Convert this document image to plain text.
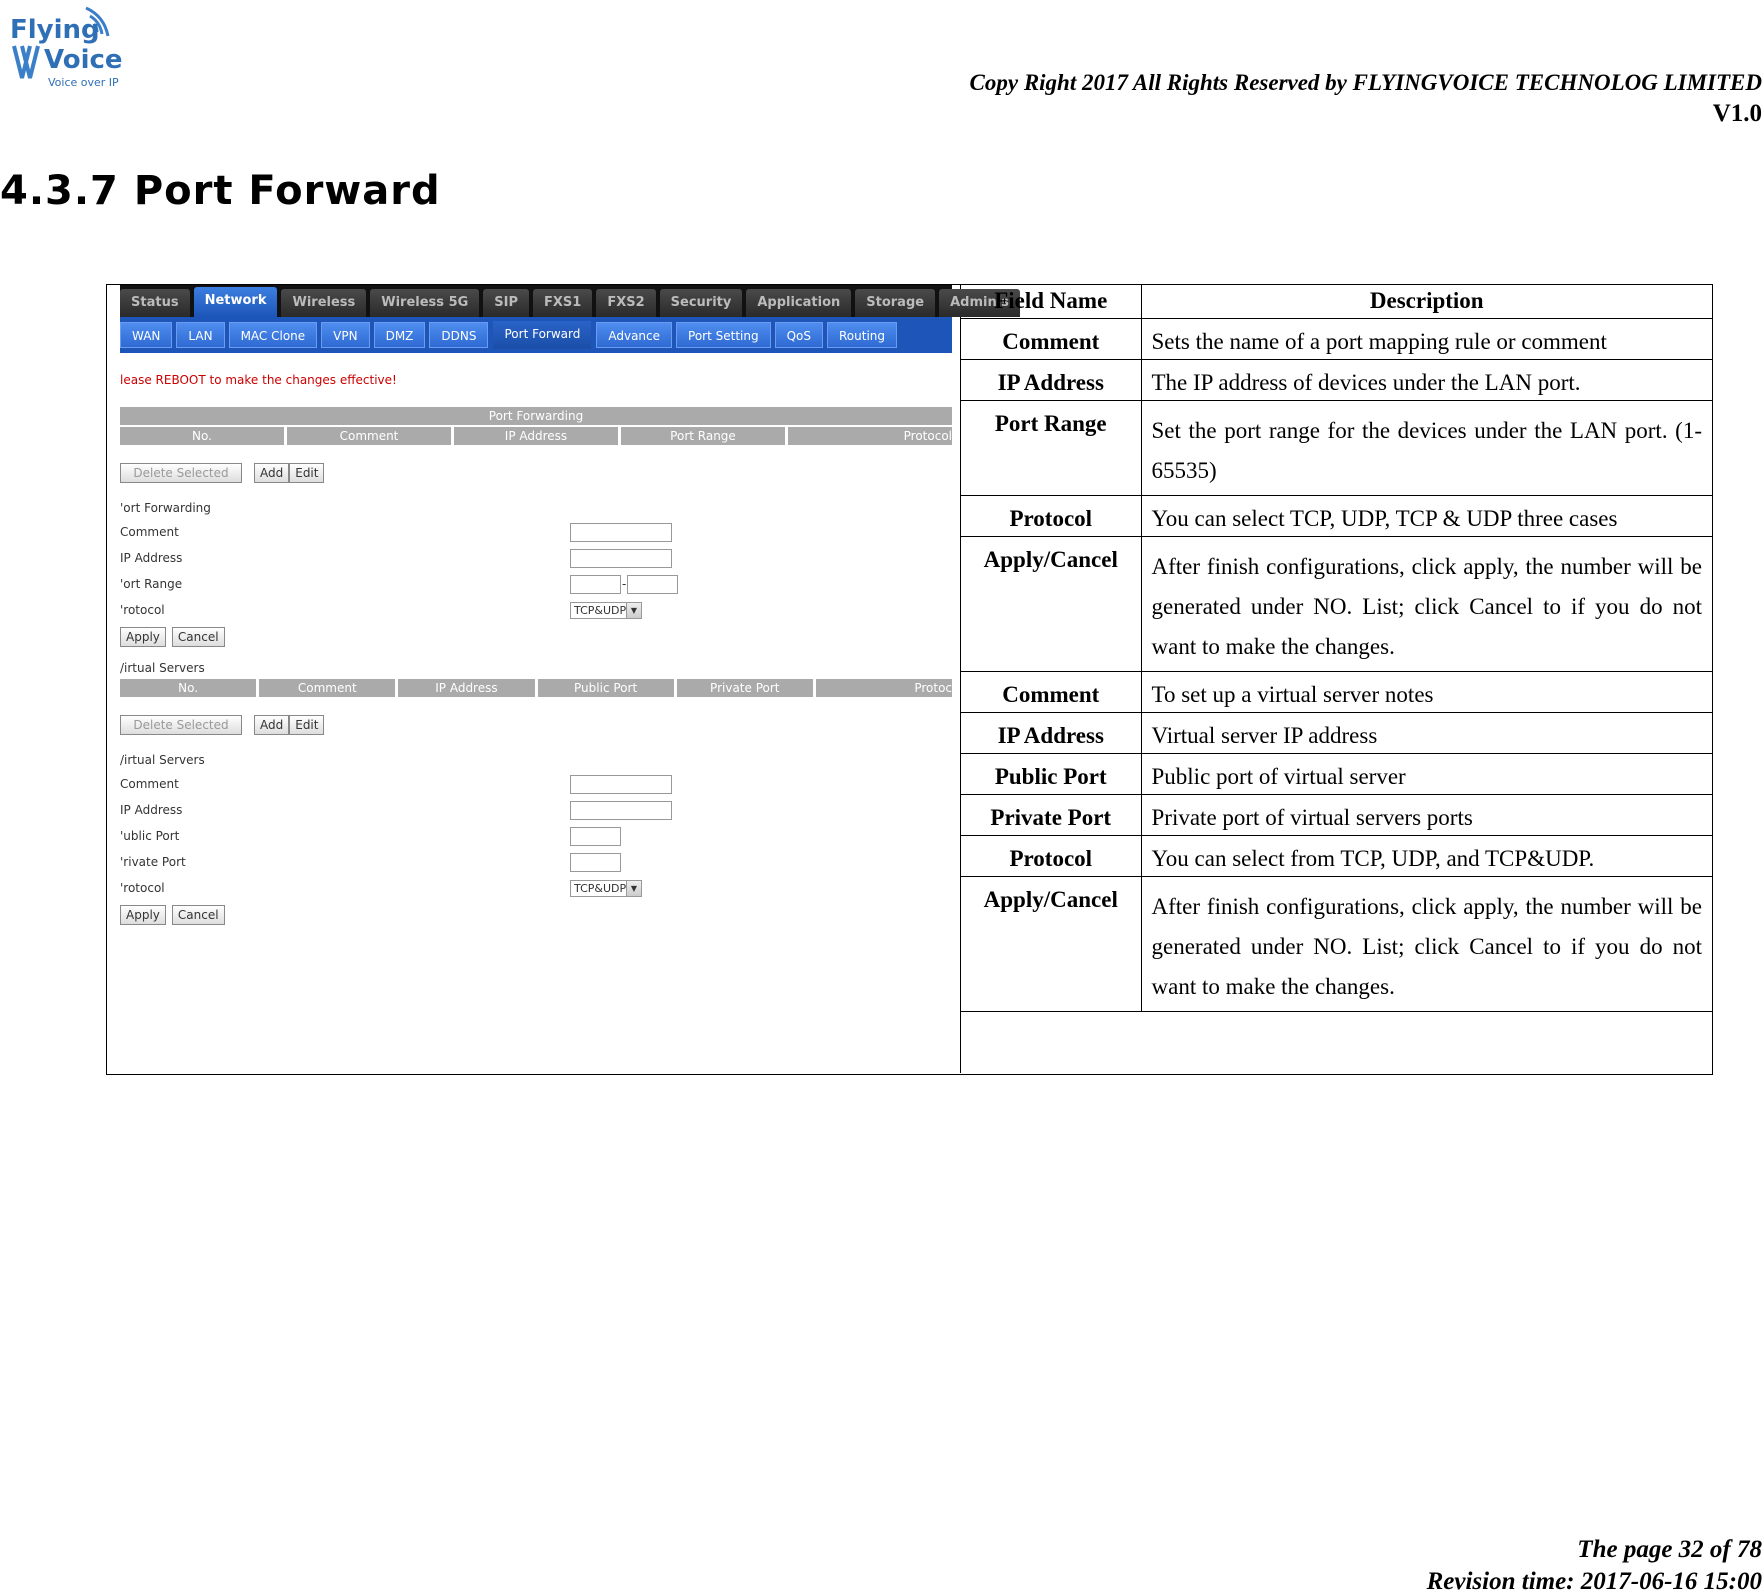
Flying
Voice
Voice over IP	Copy Right 2017 All Rights Reserved by FLYINGVOICE TECHNOLOG LIMITED
V1.0
4.3.7 Port Forward
Status	Network	Wireless	Wireless 5G	SIP	FXS1	FXS2	Security	Application	Storage	Adminis
WAN	LAN	MAC Clone	VPN	DMZ	DDNS	Port Forward	Advance	Port Setting	QoS	Routing
lease REBOOT to make the changes effective!
Port Forwarding
No.	Comment	IP Address	Port Range	Protocol
Delete Selected	Add	Edit
'ort Forwarding
Comment
IP Address
'ort Range	-
'rotocol	TCP&UDP ▼
Apply	Cancel
/irtual Servers
No.	Comment	IP Address	Public Port	Private Port	Protoc
Delete Selected	Add	Edit
/irtual Servers
Comment
IP Address
'ublic Port
'rivate Port
'rotocol	TCP&UDP ▼
Apply	Cancel
Field Name	Description
Comment	Sets the name of a port mapping rule or comment
IP Address	The IP address of devices under the LAN port.
Port Range	Set the port range for the devices under the LAN port. (1-65535)
Protocol	You can select TCP, UDP, TCP & UDP three cases
Apply/Cancel	After finish configurations, click apply, the number will be generated under NO. List; click Cancel to if you do not want to make the changes.
Comment	To set up a virtual server notes
IP Address	Virtual server IP address
Public Port	Public port of virtual server
Private Port	Private port of virtual servers ports
Protocol	You can select from TCP, UDP, and TCP&UDP.
Apply/Cancel	After finish configurations, click apply, the number will be generated under NO. List; click Cancel to if you do not want to make the changes.
The page 32 of 78
Revision time: 2017-06-16 15:00
